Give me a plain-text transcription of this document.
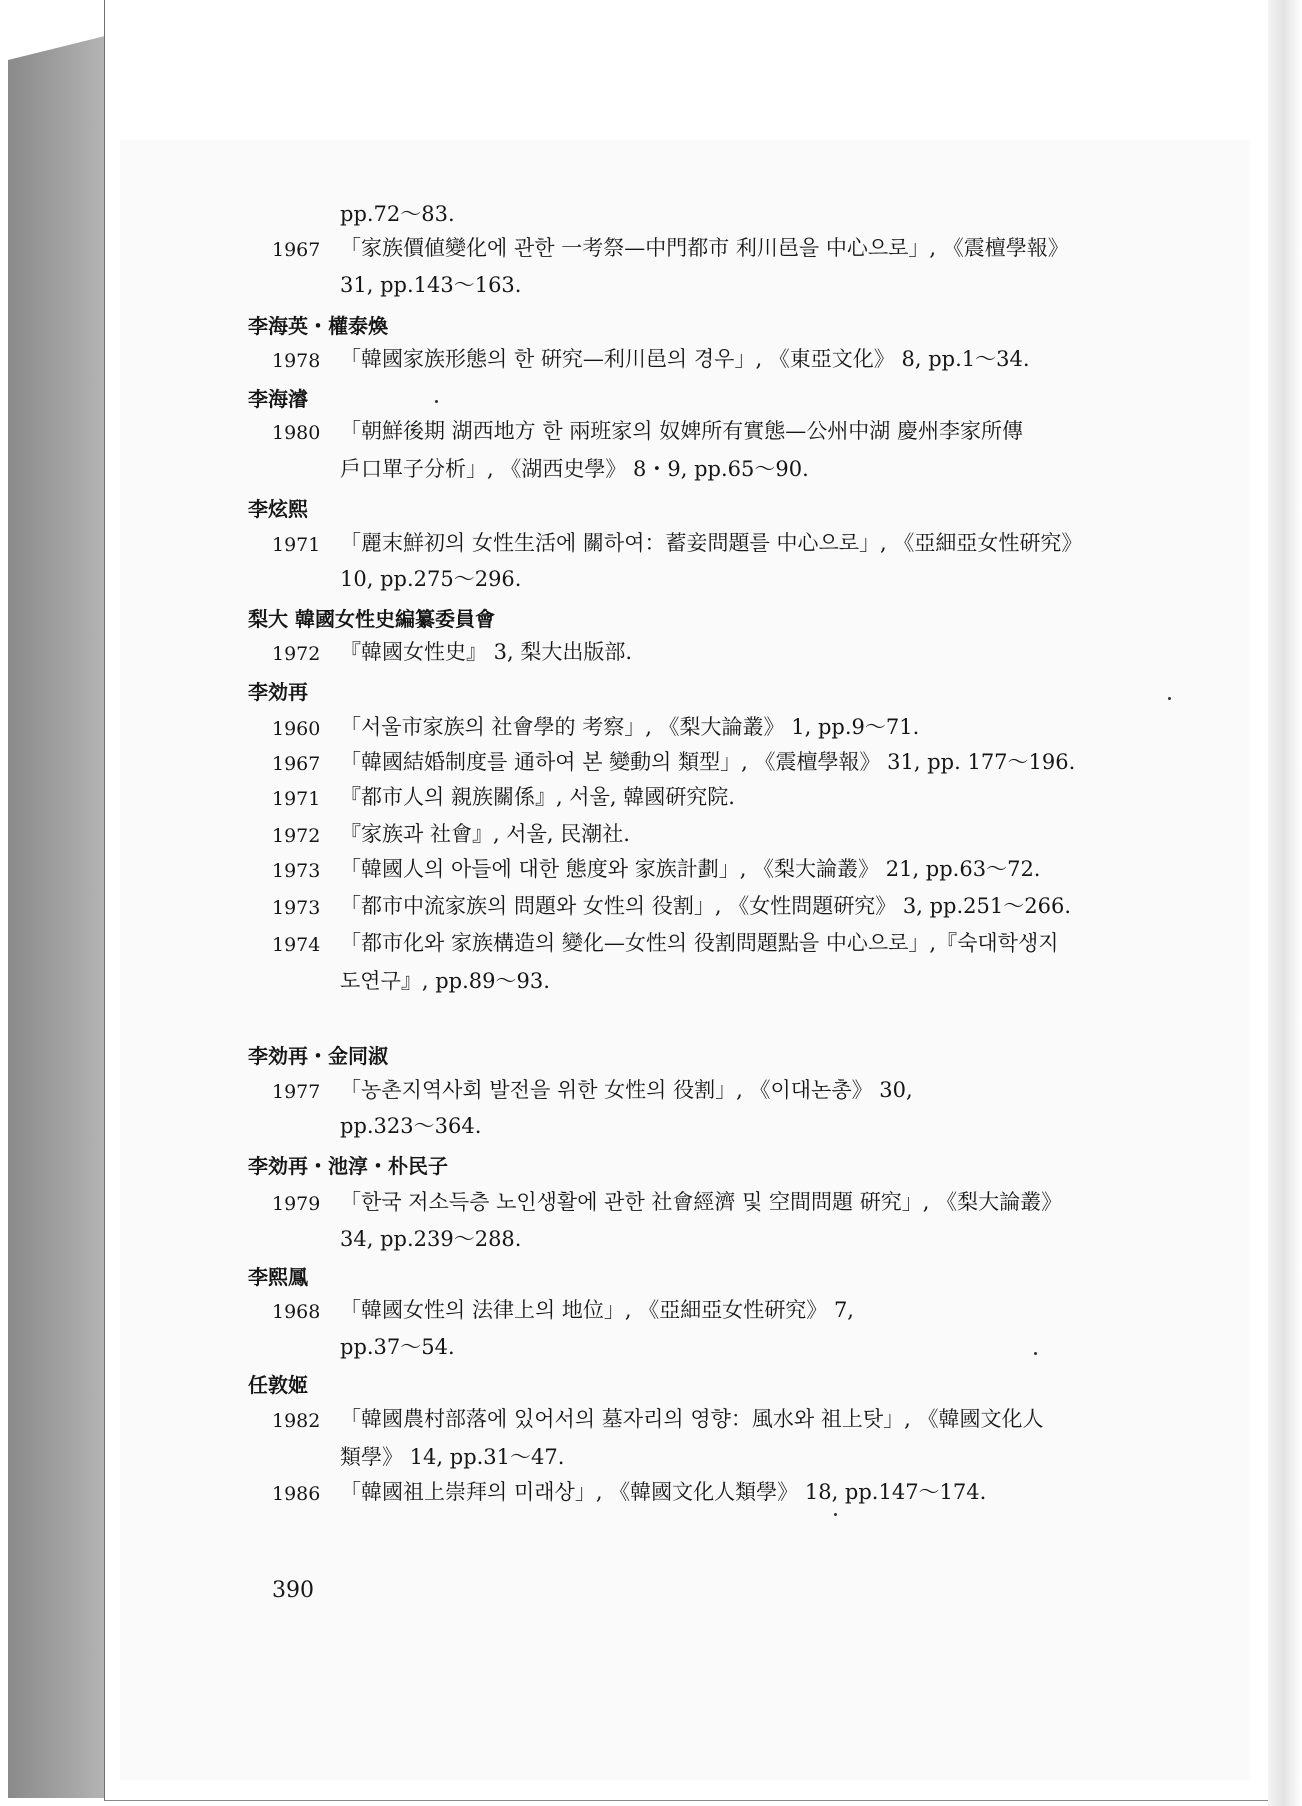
pp.72～83.
1967 「家族價値變化에 관한 一考祭—中門都市 利川邑을 中心으로」, 《震檀學報》
31, pp.143～163.
李海英・權泰煥
1978 「韓國家族形態의 한 硏究—利川邑의 경우」, 《東亞文化》 8, pp.1～34.
李海濬
1980 「朝鮮後期 湖西地方 한 兩班家의 奴婢所有實態—公州中湖 慶州李家所傳
戶口單子分析」, 《湖西史學》 8・9, pp.65～90.
李炫熙
1971 「麗末鮮初의 女性生活에 關하여：蓄妾問題를 中心으로」, 《亞細亞女性硏究》
10, pp.275～296.
梨大 韓國女性史編纂委員會
1972 『韓國女性史』 3, 梨大出版部.
李効再
1960 「서울市家族의 社會學的 考察」, 《梨大論叢》 1, pp.9～71.
1967 「韓國結婚制度를 通하여 본 變動의 類型」, 《震檀學報》 31, pp. 177～196.
1971 『都市人의 親族關係』, 서울, 韓國硏究院.
1972 『家族과 社會』, 서울, 民潮社.
1973 「韓國人의 아들에 대한 態度와 家族計劃」, 《梨大論叢》 21, pp.63～72.
1973 「都市中流家族의 問題와 女性의 役割」, 《女性問題硏究》 3, pp.251～266.
1974 「都市化와 家族構造의 變化—女性의 役割問題點을 中心으로」,『숙대학생지
도연구』, pp.89～93.
李効再・金同淑
1977 「농촌지역사회 발전을 위한 女性의 役割」, 《이대논총》 30,
pp.323～364.
李効再・池淳・朴民子
1979 「한국 저소득층 노인생활에 관한 社會經濟 및 空間問題 硏究」, 《梨大論叢》
34, pp.239～288.
李熙鳳
1968 「韓國女性의 法律上의 地位」, 《亞細亞女性硏究》 7,
pp.37～54.
任敦姬
1982 「韓國農村部落에 있어서의 墓자리의 영향：風水와 祖上탓」, 《韓國文化人
類學》 14, pp.31～47.
1986 「韓國祖上崇拜의 미래상」, 《韓國文化人類學》 18, pp.147～174.
390
